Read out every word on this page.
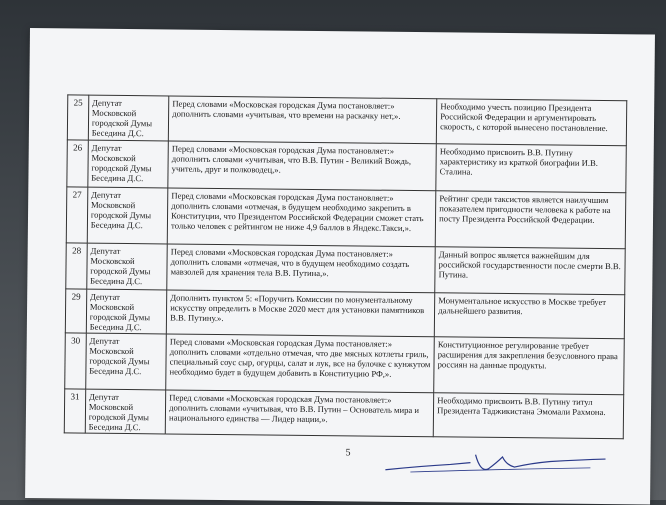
25	Депутат Московской городской Думы Беседина Д.С.	Перед словами «Московская городская Дума постановляет:» дополнить словами «учитывая, что времени на раскачку нет,».	Необходимо учесть позицию Президента Российской Федерации и аргументировать скорость, с которой вынесено постановление.
26	Депутат Московской городской Думы Беседина Д.С.	Перед словами «Московская городская Дума постановляет:» дополнить словами «учитывая, что В.В. Путин - Великий Вождь, учитель, друг и полководец,».	Необходимо присвоить В.В. Путину характеристику из краткой биографии И.В. Сталина.
27	Депутат Московской городской Думы Беседина Д.С.	Перед словами «Московская городская Дума постановляет:» дополнить словами «отмечая, в будущем необходимо закрепить в Конституции, что Президентом Российской Федерации сможет стать только человек с рейтингом не ниже 4,9 баллов в Яндекс.Такси,».	Рейтинг среди таксистов является наилучшим показателем пригодности человека к работе на посту Президента Российской Федерации.
28	Депутат Московской городской Думы Беседина Д.С.	Перед словами «Московская городская Дума постановляет:» дополнить словами «отмечая, что в будущем необходимо создать мавзолей для хранения тела В.В. Путина,».	Данный вопрос является важнейшим для российской государственности после смерти В.В. Путина.
29	Депутат Московской городской Думы Беседина Д.С.	Дополнить пунктом 5: «Поручить Комиссии по монументальному искусству определить в Москве 2020 мест для установки памятников В.В. Путину.».	Монументальное искусство в Москве требует дальнейшего развития.
30	Депутат Московской городской Думы Беседина Д.С.	Перед словами «Московская городская Дума постановляет:» дополнить словами «отдельно отмечая, что две мясных котлеты гриль, специальный соус сыр, огурцы, салат и лук, все на булочке с кунжутом необходимо будет в будущем добавить в Конституцию РФ,».	Конституционное регулирование требует расширения для закрепления безусловного права россиян на данные продукты.
31	Депутат Московской городской Думы Беседина Д.С.	Перед словами «Московская городская Дума постановляет:» дополнить словами «учитывая, что В.В. Путин – Основатель мира и национального единства — Лидер нации,».	Необходимо присвоить В.В. Путину титул Президента Таджикистана Эмомали Рахмона.
5
